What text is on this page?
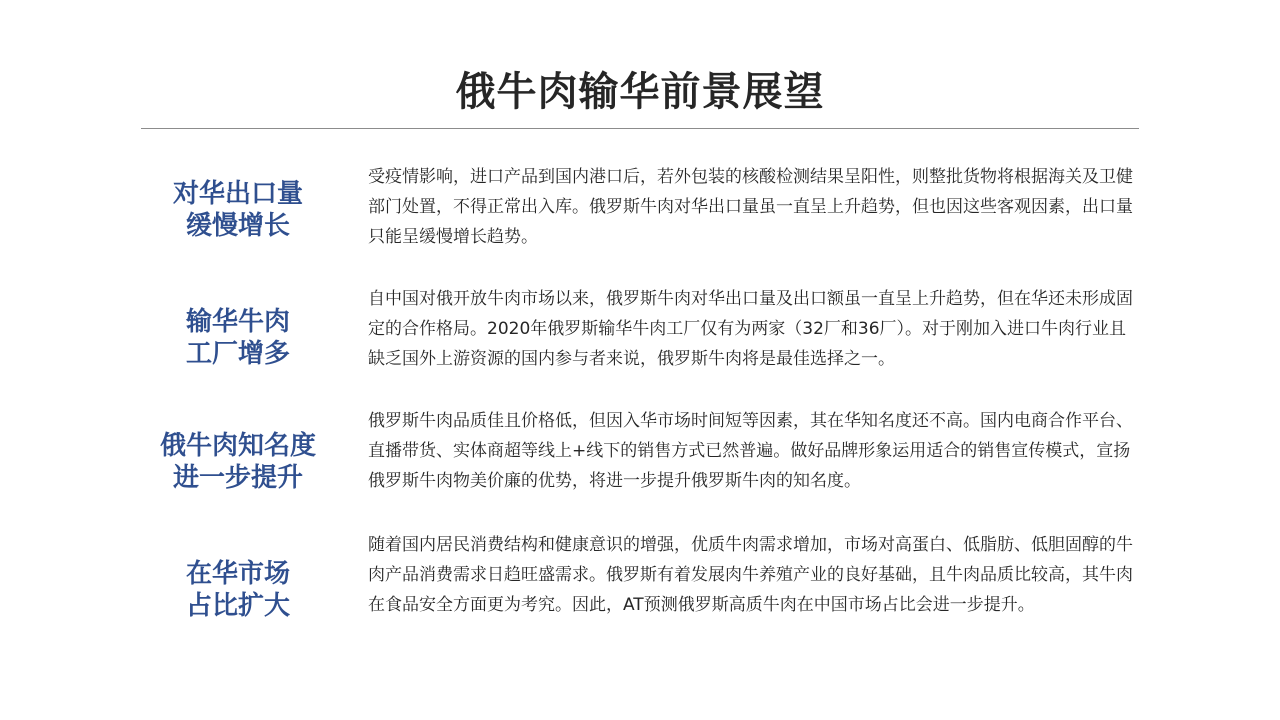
俄牛肉输华前景展望
对华出口量
缓慢增长
受疫情影响，进口产品到国内港口后，若外包装的核酸检测结果呈阳性，则整批货物将根据海关及卫健部门处置，不得正常出入库。俄罗斯牛肉对华出口量虽一直呈上升趋势，但也因这些客观因素，出口量只能呈缓慢增长趋势。
输华牛肉
工厂增多
自中国对俄开放牛肉市场以来，俄罗斯牛肉对华出口量及出口额虽一直呈上升趋势，但在华还未形成固定的合作格局。2020年俄罗斯输华牛肉工厂仅有为两家（32厂和36厂）。对于刚加入进口牛肉行业且缺乏国外上游资源的国内参与者来说，俄罗斯牛肉将是最佳选择之一。
俄牛肉知名度
进一步提升
俄罗斯牛肉品质佳且价格低，但因入华市场时间短等因素，其在华知名度还不高。国内电商合作平台、直播带货、实体商超等线上+线下的销售方式已然普遍。做好品牌形象运用适合的销售宣传模式，宣扬俄罗斯牛肉物美价廉的优势，将进一步提升俄罗斯牛肉的知名度。
在华市场
占比扩大
随着国内居民消费结构和健康意识的增强，优质牛肉需求增加，市场对高蛋白、低脂肪、低胆固醇的牛肉产品消费需求日趋旺盛需求。俄罗斯有着发展肉牛养殖产业的良好基础，且牛肉品质比较高，其牛肉在食品安全方面更为考究。因此，AT预测俄罗斯高质牛肉在中国市场占比会进一步提升。
